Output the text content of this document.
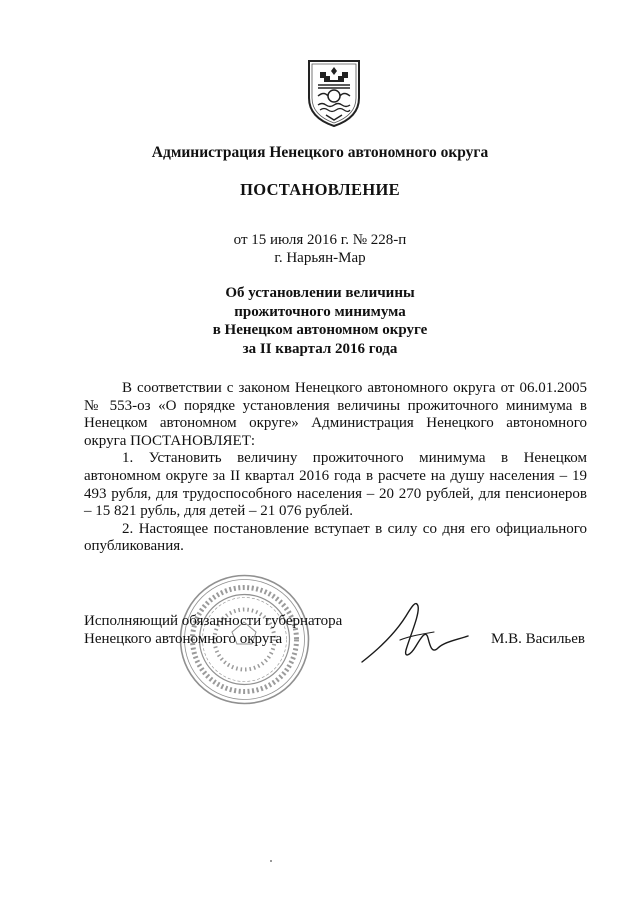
Администрация Ненецкого автономного округа
ПОСТАНОВЛЕНИЕ
от 15 июля 2016 г. № 228-п
г. Нарьян-Мар
Об установлении величины
прожиточного минимума
в Ненецком автономном округе
за II квартал 2016 года

В соответствии с законом Ненецкого автономного округа от 06.01.2005 № 553-оз «О порядке установления величины прожиточного минимума в Ненецком автономном округе» Администрация Ненецкого автономного округа ПОСТАНОВЛЯЕТ:

1. Установить величину прожиточного минимума в Ненецком автономном округе за II квартал 2016 года в расчете на душу населения – 19 493 рубля, для трудоспособного населения – 20 270 рублей, для пенсионеров – 15 821 рубль, для детей – 21 076 рублей.

2. Настоящее постановление вступает в силу со дня его официального опубликования.

Исполняющий обязанности губернатора
Ненецкого автономного округа	М.В. Васильев
